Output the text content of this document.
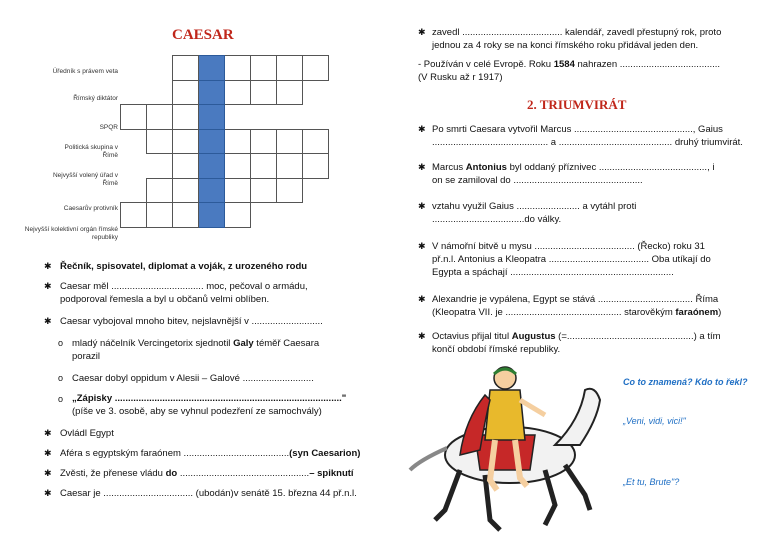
CAESAR
Úředník s právem veta
Římský diktátor
SPQR
Politická skupina v Římě
Nejvyšší volený úřad v Římě
Caesarův protivník
Nejvyšší kolektivní orgán římské republiky

✱ Řečník, spisovatel, diplomat a voják, z urozeného rodu
✱ Caesar měl ................................... moc, pečoval o armádu,
podporoval řemesla a byl u občanů velmi oblíben.
✱ Caesar vybojoval mnoho bitev, nejslavnější v ...........................
o mladý náčelník Vercingetorix sjednotil Galy téměř Caesara
porazil
o Caesar dobyl oppidum v Alesii – Galové ...........................
o „Zápisky ......................................................................................"
(píše ve 3. osobě, aby se vyhnul podezření ze samochvály)
✱ Ovládl Egypt
✱ Aféra s egyptským faraónem ........................................(syn Caesarion)
✱ Zvěsti, že přenese vládu do .................................................– spiknutí
✱ Caesar je .................................. (ubodán)v senátě 15. března 44 př.n.l.
✱ zavedl ...................................... kalendář, zavedl přestupný rok, proto
jednou za 4 roky se na konci římského roku přidával jeden den.
- Používán v celé Evropě. Roku 1584 nahrazen ......................................
(V Rusku až r 1917)
2. TRIUMVIRÁT
✱ Po smrti Caesara vytvořil Marcus ............................................., Gaius
............................................ a ........................................... druhý triumvirát.
✱ Marcus Antonius byl oddaný příznivec ........................................., i
on se zamiloval do .................................................
✱ vztahu využil Gaius ........................ a vytáhl proti
...................................do války.
✱ V námořní bitvě u mysu ...................................... (Řecko) roku 31
př.n.l. Antonius a Kleopatra ...................................... Oba utíkají do
Egypta a spáchají ..............................................................
✱ Alexandrie je vypálena, Egypt se stává .................................... Říma
(Kleopatra VII. je ............................................ starověkým faraónem)
✱ Octavius přijal titul Augustus (=................................................) a tím
končí období římské republiky.
Co to znamená? Kdo to řekl?
„Veni, vidi, vici!"
„Et tu, Brute"?
